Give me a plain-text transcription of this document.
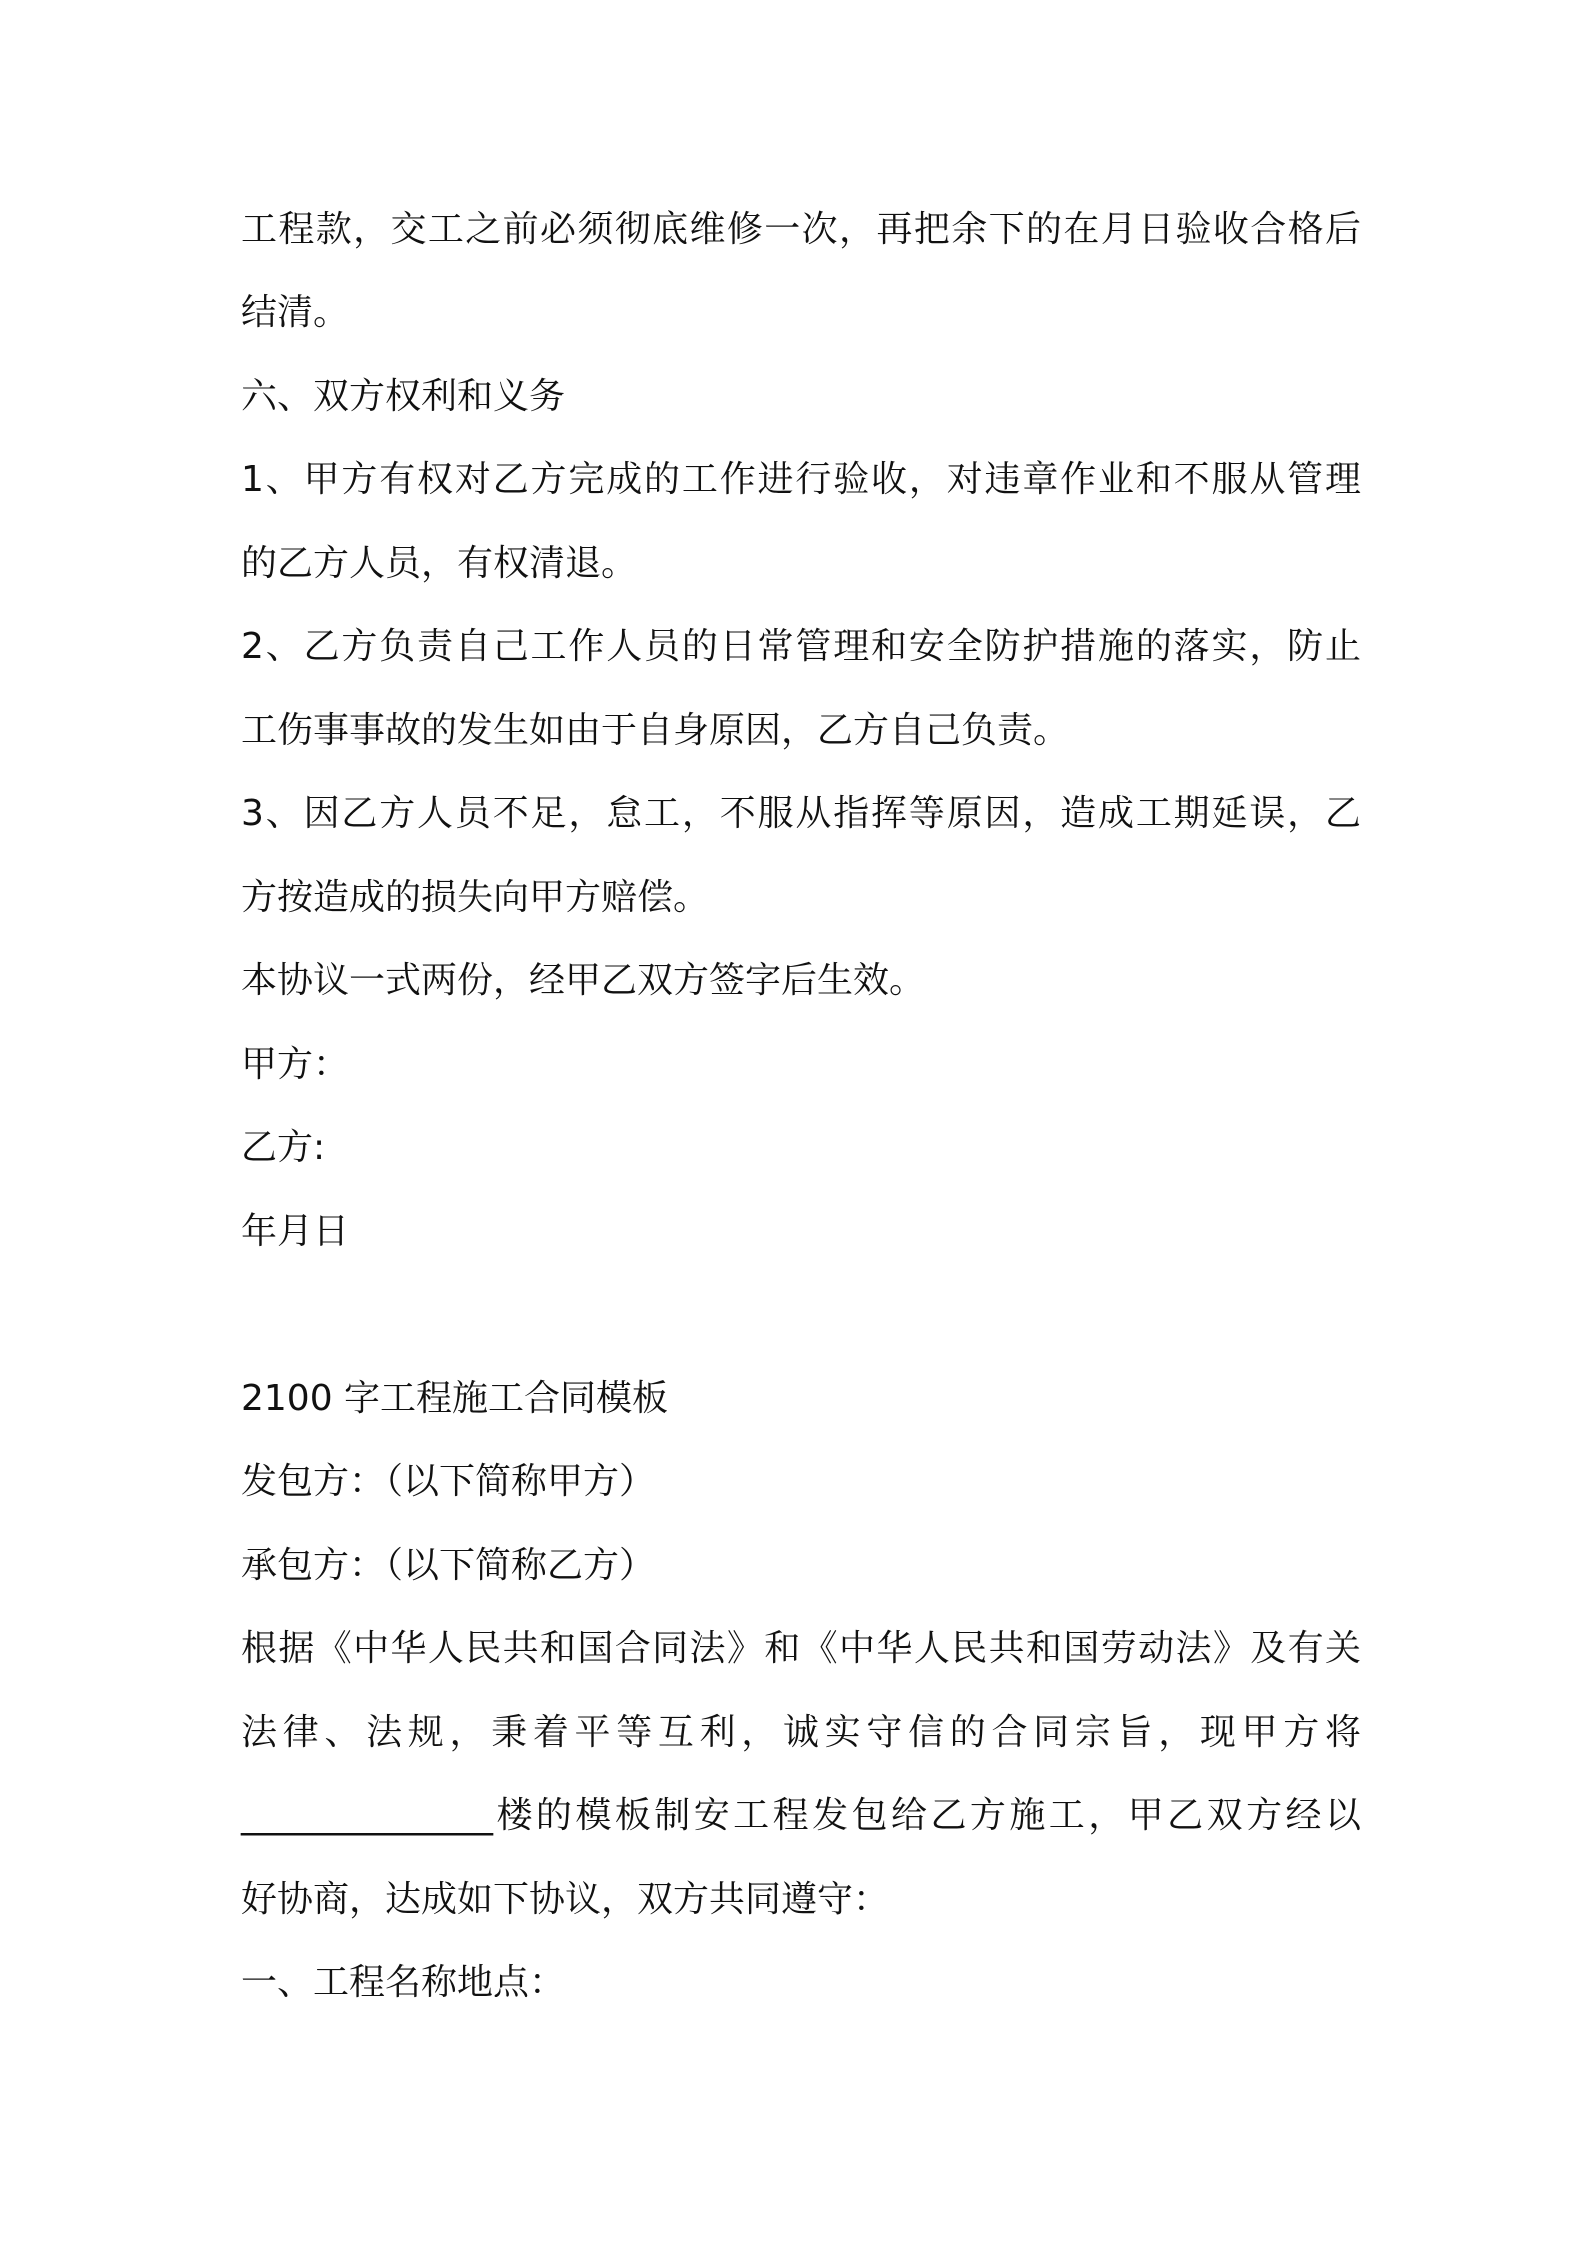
工程款，交工之前必须彻底维修一次，再把余下的在月日验收合格后
结清。
六、双方权利和义务
1、甲方有权对乙方完成的工作进行验收，对违章作业和不服从管理
的乙方人员，有权清退。
2、乙方负责自己工作人员的日常管理和安全防护措施的落实，防止
工伤事事故的发生如由于自身原因，乙方自己负责。
3、因乙方人员不足，怠工，不服从指挥等原因，造成工期延误，乙
方按造成的损失向甲方赔偿。
本协议一式两份，经甲乙双方签字后生效。
甲方：
乙方:
年月日
2100 字工程施工合同模板
发包方：（以下简称甲方）
承包方：（以下简称乙方）
根据《中华人民共和国合同法》和《中华人民共和国劳动法》及有关
法律、法规，秉着平等互利，诚实守信的合同宗旨，现甲方将
______________楼的模板制安工程发包给乙方施工，甲乙双方经以
好协商，达成如下协议，双方共同遵守：
一、工程名称地点：
